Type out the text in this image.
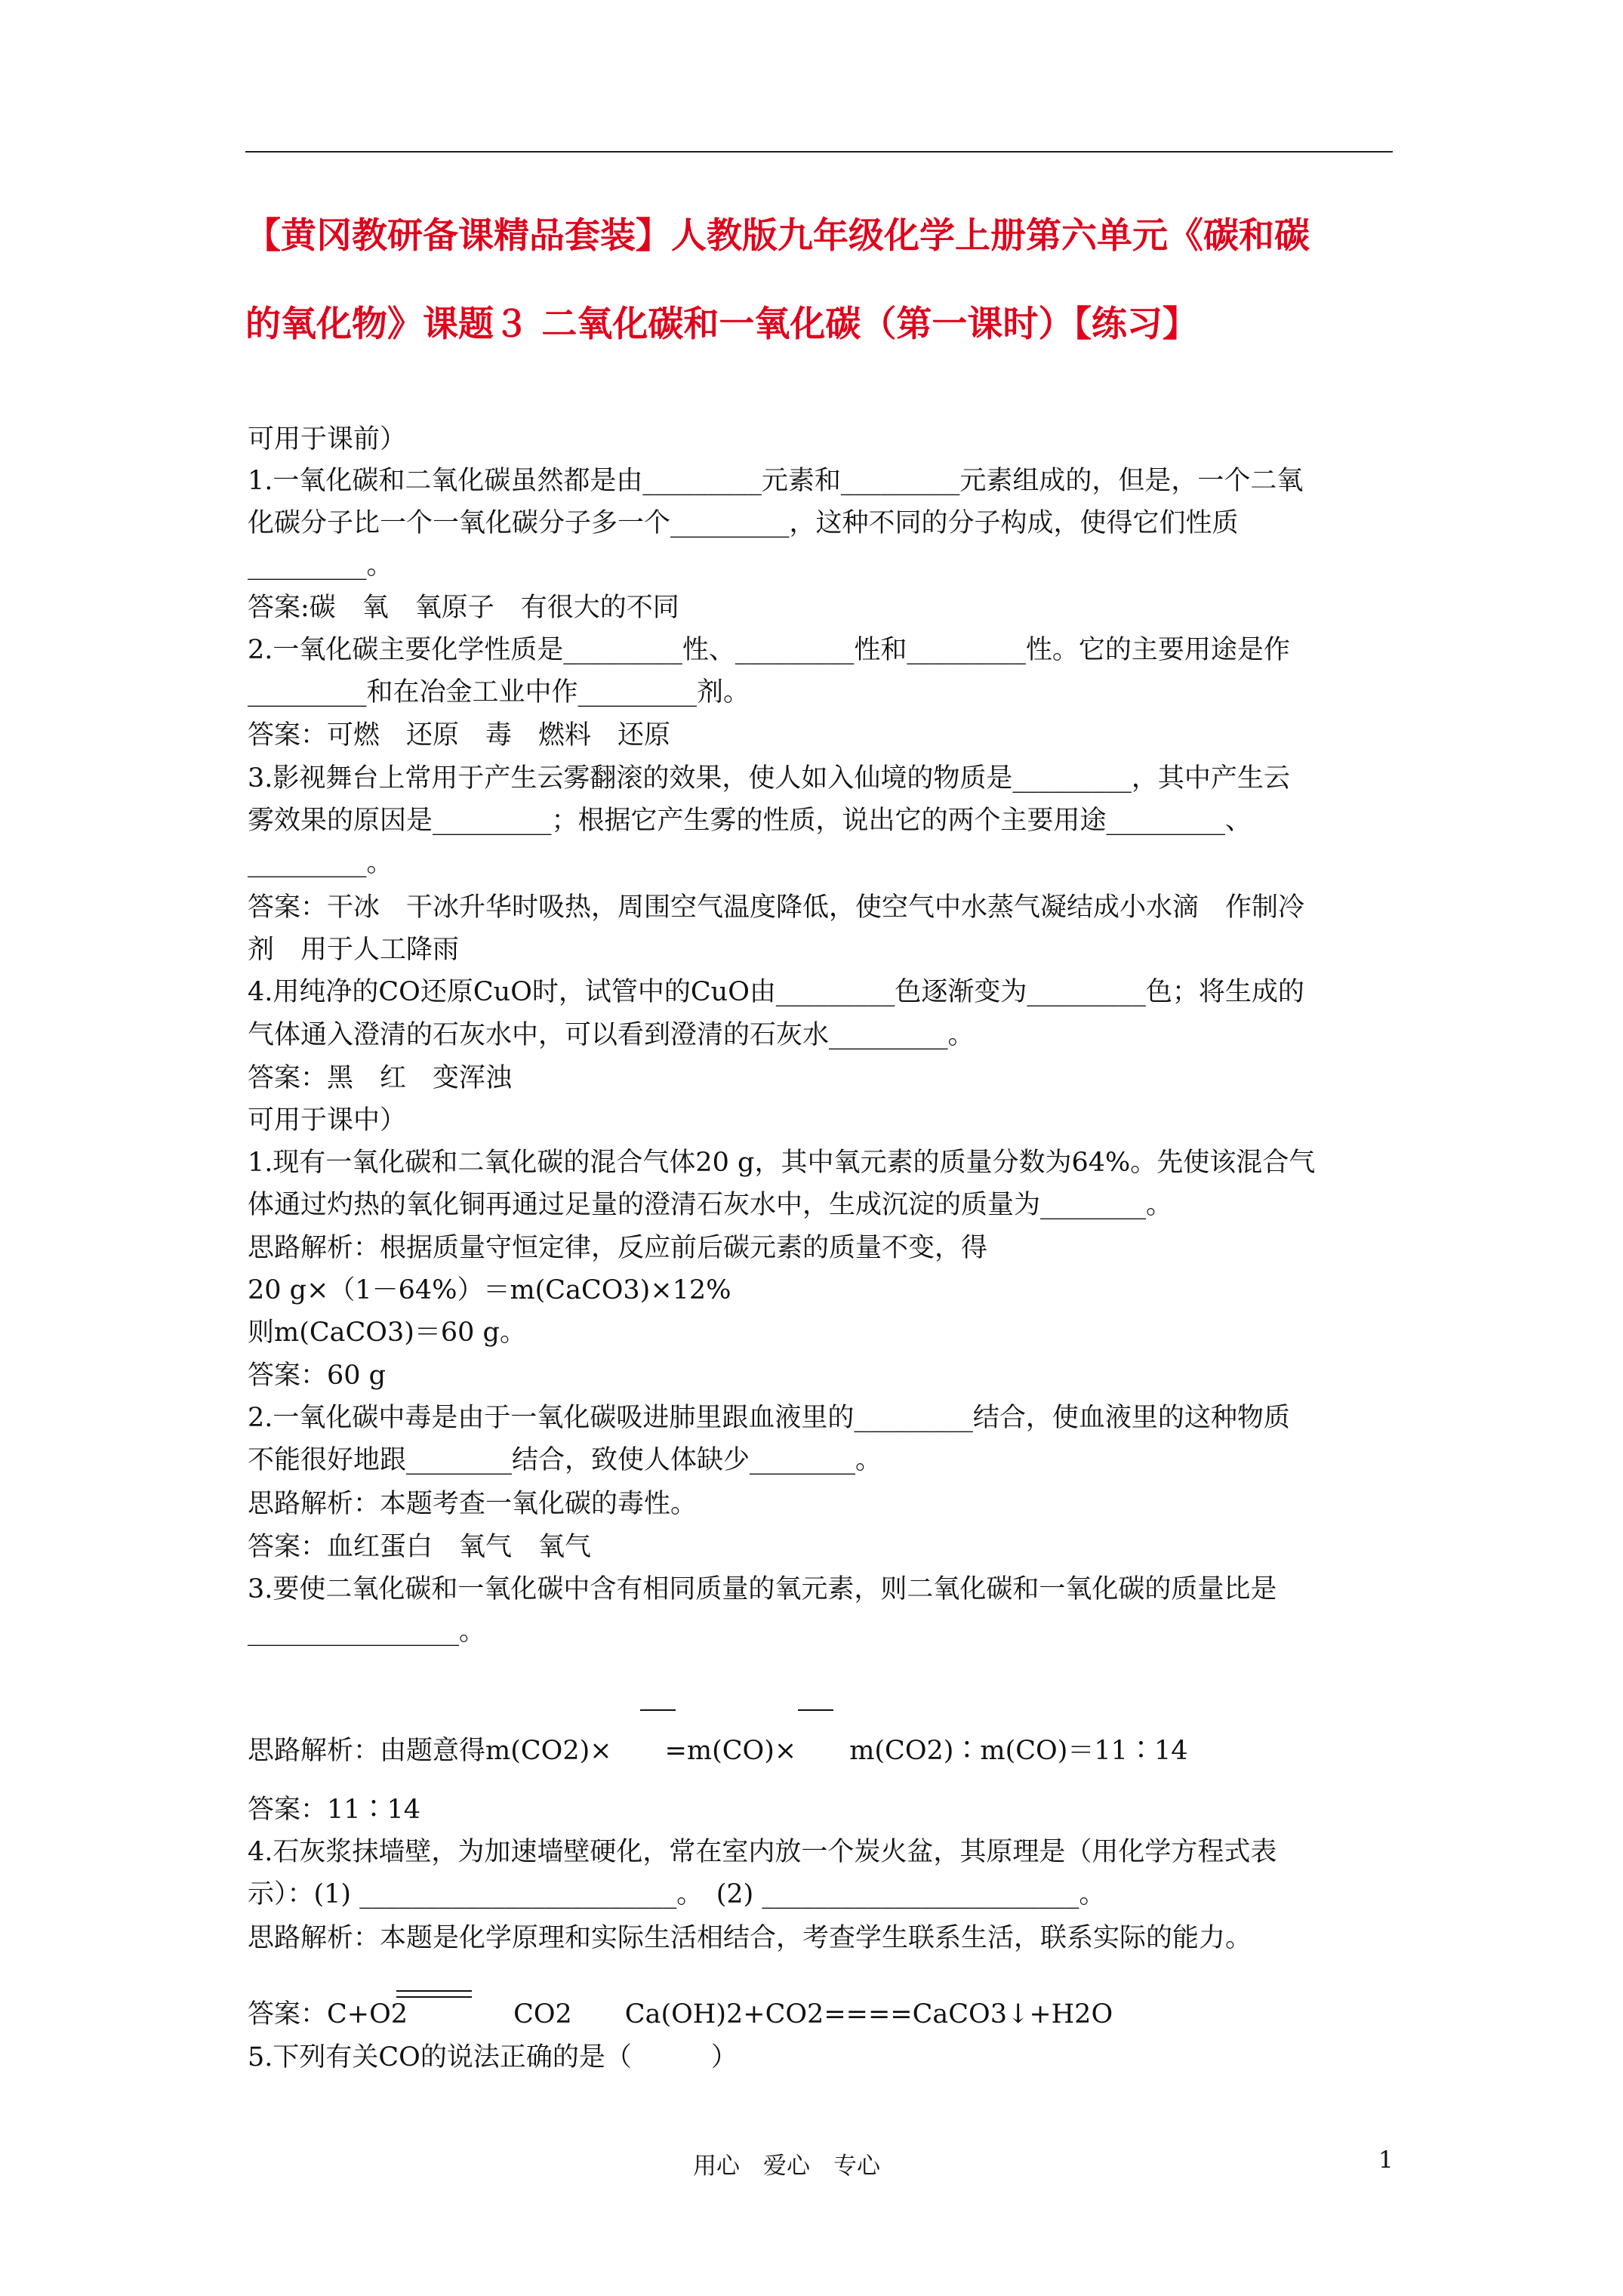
【黄冈教研备课精品套装】人教版九年级化学上册第六单元《碳和碳
的氧化物》课题３ 二氧化碳和一氧化碳（第一课时）【练习】
可用于课前）
1.一氧化碳和二氧化碳虽然都是由_________元素和_________元素组成的，但是，一个二氧
化碳分子比一个一氧化碳分子多一个_________，这种不同的分子构成，使得它们性质
_________。
答案:碳　氧　氧原子　有很大的不同
2.一氧化碳主要化学性质是_________性、_________性和_________性。它的主要用途是作
_________和在冶金工业中作_________剂。
答案：可燃　还原　毒　燃料　还原
3.影视舞台上常用于产生云雾翻滚的效果，使人如入仙境的物质是_________，其中产生云
雾效果的原因是_________；根据它产生雾的性质，说出它的两个主要用途_________、
_________。
答案：干冰　干冰升华时吸热，周围空气温度降低，使空气中水蒸气凝结成小水滴　作制冷
剂　用于人工降雨
4.用纯净的CO还原CuO时，试管中的CuO由_________色逐渐变为_________色；将生成的
气体通入澄清的石灰水中，可以看到澄清的石灰水_________。
答案：黑　红　变浑浊
可用于课中）
1.现有一氧化碳和二氧化碳的混合气体20 g，其中氧元素的质量分数为64%。先使该混合气
体通过灼热的氧化铜再通过足量的澄清石灰水中，生成沉淀的质量为________。
思路解析：根据质量守恒定律，反应前后碳元素的质量不变，得
20 g×（1－64%）＝m(CaCO3)×12%
则m(CaCO3)＝60 g。
答案：60 g
2.一氧化碳中毒是由于一氧化碳吸进肺里跟血液里的_________结合，使血液里的这种物质
不能很好地跟________结合，致使人体缺少________。
思路解析：本题考查一氧化碳的毒性。
答案：血红蛋白　氧气　氧气
3.要使二氧化碳和一氧化碳中含有相同质量的氧元素，则二氧化碳和一氧化碳的质量比是
________________。
思路解析：由题意得m(CO2)×　　=m(CO)×　　m(CO2)∶m(CO)＝11∶14
答案：11∶14
4.石灰浆抹墙壁，为加速墙壁硬化，常在室内放一个炭火盆，其原理是（用化学方程式表
示）：(1) ________________________。　(2) ________________________。
思路解析：本题是化学原理和实际生活相结合，考查学生联系生活，联系实际的能力。
答案：C+O2　　　　CO2　　Ca(OH)2+CO2====CaCO3↓+H2O
5.下列有关CO的说法正确的是（　　　）
用心　爱心　专心	1
